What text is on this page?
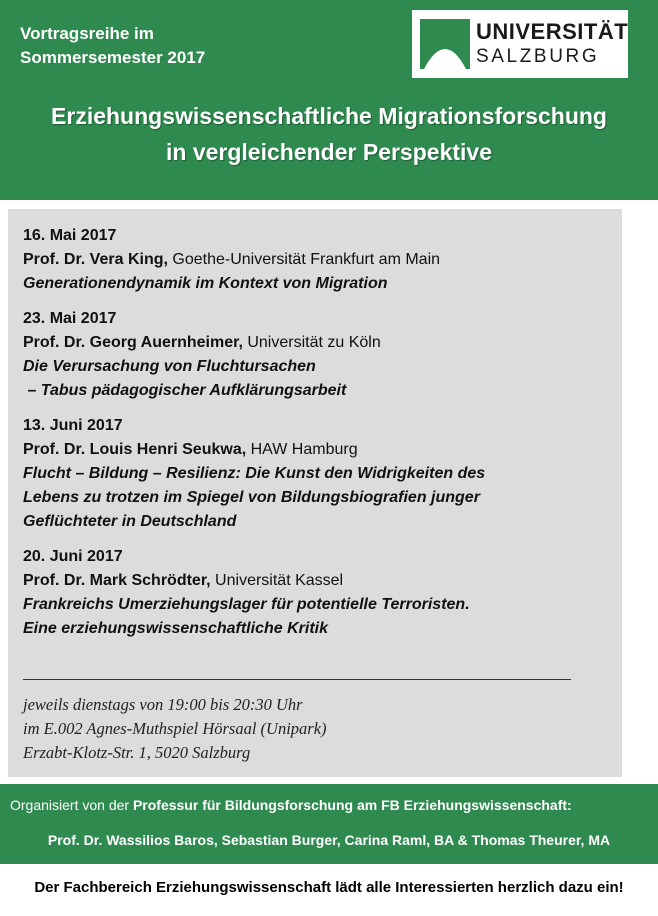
Vortragsreihe im
Sommersemester 2017
UNIVERSITÄT
SALZBURG
Erziehungswissenschaftliche Migrationsforschung
in vergleichender Perspektive
16. Mai 2017
Prof. Dr. Vera King, Goethe-Universität Frankfurt am Main
Generationendynamik im Kontext von Migration
23. Mai 2017
Prof. Dr. Georg Auernheimer, Universität zu Köln
Die Verursachung von Fluchtursachen
– Tabus pädagogischer Aufklärungsarbeit
13. Juni 2017
Prof. Dr. Louis Henri Seukwa, HAW Hamburg
Flucht – Bildung – Resilienz: Die Kunst den Widrigkeiten des
Lebens zu trotzen im Spiegel von Bildungsbiografien junger
Geflüchteter in Deutschland
20. Juni 2017
Prof. Dr. Mark Schrödter, Universität Kassel
Frankreichs Umerziehungslager für potentielle Terroristen.
Eine erziehungswissenschaftliche Kritik
jeweils dienstags von 19:00 bis 20:30 Uhr
im E.002 Agnes-Muthspiel Hörsaal (Unipark)
Erzabt-Klotz-Str. 1, 5020 Salzburg
Organisiert von der Professur für Bildungsforschung am FB Erziehungswissenschaft:
Prof. Dr. Wassilios Baros, Sebastian Burger, Carina Raml, BA & Thomas Theurer, MA
Der Fachbereich Erziehungswissenschaft lädt alle Interessierten herzlich dazu ein!
